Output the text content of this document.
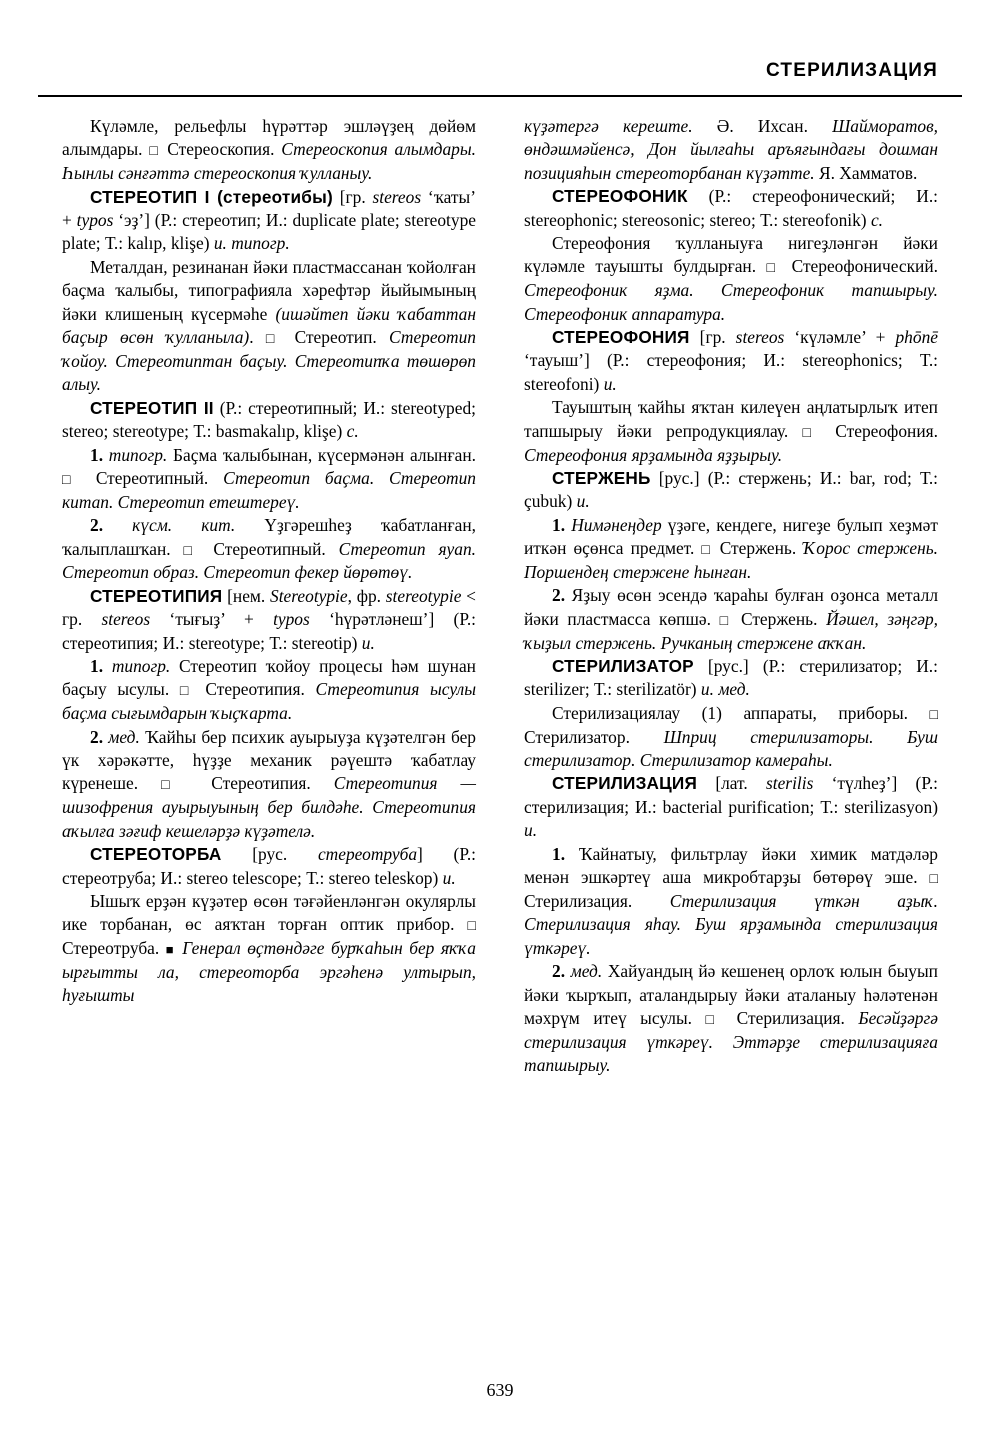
СТЕРИЛИЗАЦИЯ

Күләмле, рельефлы һүрәттәр эшләүҙең дөйөм алымдары. □ Стереоскопия. Стереоскопия алымдары. Һынлы сәнғәттә стереоскопия ҡулланыу.

СТЕРЕОТИП I (стереотибы) [гр. stereos ‘ҡаты’ + typos ‘эҙ’] (Р.: стереотип; И.: duplicate plate; stereotype plate; Т.: kalıp, klişe) u. типогр.

Металдан, резинанан йәки пластмассанан ҡойолған баҫма ҡалыбы, типографияла хәрефтәр йыйымының йәки клишеның күсермәһе (ишәйтеп йәки ҡабаттан баҫыр өсөн ҡулланыла). □ Стереотип. Стереотип ҡойоу. Стереотиптан баҫыу. Стереотипҡа төшөрөп алыу.

СТЕРЕОТИП II (Р.: стереотипный; И.: stereotyped; stereo; stereotype; Т.: basmakalıp, klişe) c.

1. типогр. Баҫма ҡалыбынан, күсермәнән алынған. □ Стереотипный. Стереотип баҫма. Стереотип китап. Стереотип етештереү.

2. күсм. кит. Үҙгәрешһеҙ ҡабатланған, ҡалыплашҡан. □ Стереотипный. Стереотип яуап. Стереотип образ. Стереотип фекер йөрөтөү.

СТЕРЕОТИПИЯ [нем. Stereotypie, фр. stereotypie < гр. stereos ‘тығыҙ’ + typos ‘һүрәтләнеш’] (Р.: стереотипия; И.: stereotype; Т.: stereotip) u.

1. типогр. Стереотип ҡойоу процесы һәм шунан баҫыу ысулы. □ Стереотипия. Стереотипия ысулы баҫма сығымдарын ҡыҫҡарта.

2. мед. Ҡайһы бер психик ауырыуҙа күҙәтелгән бер үк хәрәкәтте, һүҙҙе механик рәүештә ҡабатлау күренеше. □ Стереотипия. Стереотипия — шизофрения ауырыуының бер билдәһе. Стереотипия аҡылға зәғиф кешеләрҙә күҙәтелә.

СТЕРЕОТОРБА [рус. стереотруба] (Р.: стереотруба; И.: stereo telescope; Т.: stereo teleskop) u.

Ышыҡ ерҙән күҙәтер өсөн тәғәйенләнгән окулярлы ике торбанан, өс аяҡтан торған оптик прибор. □ Стереотруба. ■ Генерал өҫтөндәге бурҡаһын бер яҡҡа ырғытты ла, стереоторба эргәһенә ултырып, һуғышты

күҙәтергә кереште. Ә. Ихсан. Шайморатов, өндәшмәйенсә, Дон йылғаһы аръяғындағы дошман позицияһын стереоторбанан күҙәтте. Я. Хамматов.

СТЕРЕОФОНИК (Р.: стереофонический; И.: stereophonic; stereosonic; stereo; Т.: stereofonik) с.

Стереофония ҡулланыуға нигеҙләнгән йәки күләмле тауышты булдырған. □ Стереофонический. Стереофоник яҙма. Стереофоник тапшырыу. Стереофоник аппаратура.

СТЕРЕОФОНИЯ [гр. stereos ‘күләмле’ + phōnē ‘тауыш’] (Р.: стереофония; И.: stereophonics; Т.: stereofoni) u.

Тауыштың ҡайһы яҡтан килеүен аңлатырлыҡ итеп тапшырыу йәки репродукциялау. □ Стереофония. Стереофония ярҙамында яҙҙырыу.

СТЕРЖЕНЬ [рус.] (Р.: стержень; И.: bar, rod; Т.: çubuk) u.

1. Нимәнеңдер үҙәге, кендеге, нигеҙе булып хеҙмәт иткән өҫөнса предмет. □ Стержень. Ҡорос стержень. Поршендең стержене һынған.

2. Яҙыу өсөн эсендә ҡараһы булған оҙонса металл йәки пластмасса көпшә. □ Стержень. Йәшел, зәңгәр, ҡыҙыл стержень. Ручканың стержене аҡҡан.

СТЕРИЛИЗАТОР [рус.] (Р.: стерилизатор; И.: sterilizer; Т.: sterilizatör) u. мед.

Стерилизациялау (1) аппараты, приборы. □ Стерилизатор. Шприц стерилизаторы. Буш стерилизатор. Стерилизатор камераһы.

СТЕРИЛИЗАЦИЯ [лат. sterilis ‘түлһеҙ’] (Р.: стерилизация; И.: bacterial purification; Т.: sterilizasyon) u.

1. Ҡайнатыу, фильтрлау йәки химик матдәләр менән эшкәртеү аша микробтарҙы бөтөрөү эше. □ Стерилизация. Стерилизация үткән аҙыҡ. Стерилизация яһау. Буш ярҙамында стерилизация үткәреү.

2. мед. Хайуандың йә кешенең орлоҡ юлын быуып йәки ҡырҡып, аталандырыу йәки аталаныу һәләтенән мәхрүм итеү ысулы. □ Стерилизация. Бесәйҙәргә стерилизация үткәреү. Эттәрҙе стерилизацияға тапшырыу.

639
